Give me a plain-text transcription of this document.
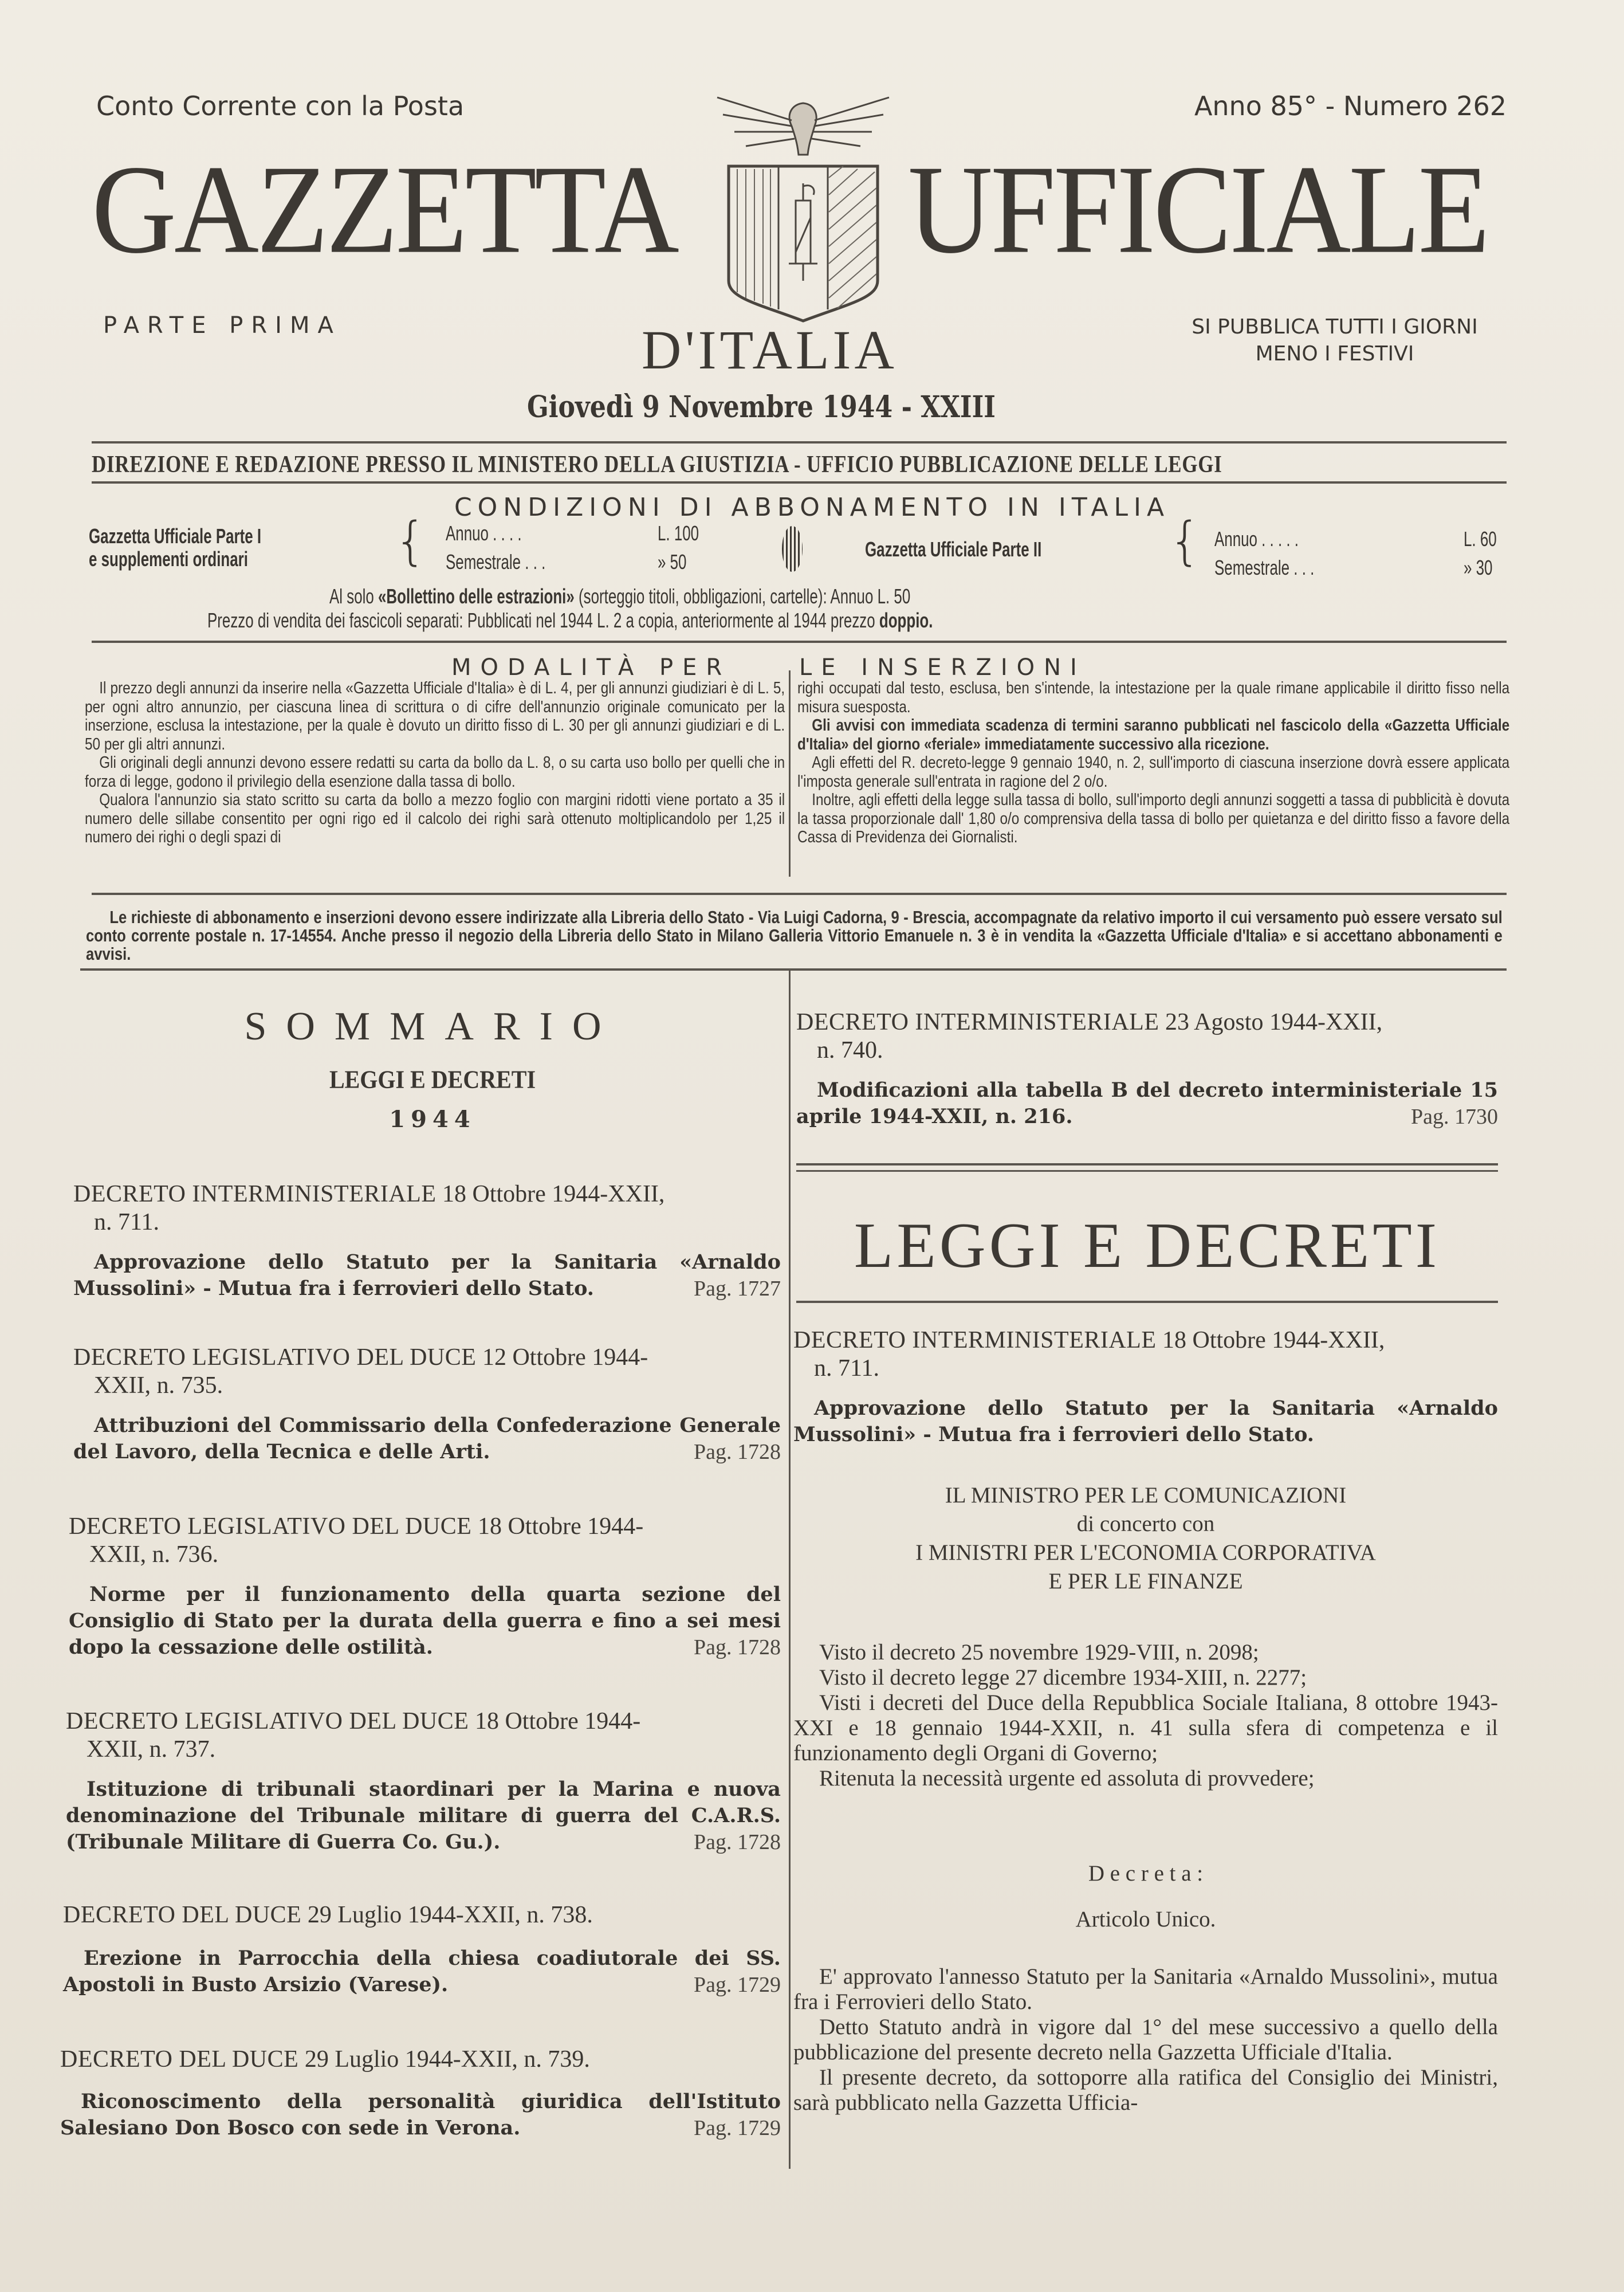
Conto Corrente con la Posta	Anno 85° - Numero 262
GAZZETTA UFFICIALE
PARTE PRIMA	D'ITALIA	SI PUBBLICA TUTTI I GIORNI
MENO I FESTIVI
Giovedì 9 Novembre 1944 - XXIII
DIREZIONE E REDAZIONE PRESSO IL MINISTERO DELLA GIUSTIZIA - UFFICIO PUBBLICAZIONE DELLE LEGGI
CONDIZIONI DI ABBONAMENTO IN ITALIA
Gazzetta Ufficiale Parte I
e supplementi ordinari	{ Annuo . . . .	L. 100
Semestrale . . .	» 50
Gazzetta Ufficiale Parte II { Annuo . . . . .	L. 60
Semestrale . . .	» 30
Al solo «Bollettino delle estrazioni» (sorteggio titoli, obbligazioni, cartelle): Annuo L. 50
Prezzo di vendita dei fascicoli separati: Pubblicati nel 1944 L. 2 a copia, anteriormente al 1944 prezzo doppio.
MODALITÀ PER	LE INSERZIONI

Il prezzo degli annunzi da inserire nella «Gazzetta Ufficiale d'Italia» è di L. 4, per gli annunzi giudiziari è di L. 5, per ogni altro annunzio, per ciascuna linea di scrittura o di cifre dell'annunzio originale comunicato per la inserzione, esclusa la intestazione, per la quale è dovuto un diritto fisso di L. 30 per gli annunzi giudiziari e di L. 50 per gli altri annunzi.

Gli originali degli annunzi devono essere redatti su carta da bollo da L. 8, o su carta uso bollo per quelli che in forza di legge, godono il privilegio della esenzione dalla tassa di bollo.

Qualora l'annunzio sia stato scritto su carta da bollo a mezzo foglio con margini ridotti viene portato a 35 il numero delle sillabe consentito per ogni rigo ed il calcolo dei righi sarà ottenuto moltiplicandolo per 1,25 il numero dei righi o degli spazi di

righi occupati dal testo, esclusa, ben s'intende, la intestazione per la quale rimane applicabile il diritto fisso nella misura suesposta.

Gli avvisi con immediata scadenza di termini saranno pubblicati nel fascicolo della «Gazzetta Ufficiale d'Italia» del giorno «feriale» immediatamente successivo alla ricezione.

Agli effetti del R. decreto-legge 9 gennaio 1940, n. 2, sull'importo di ciascuna inserzione dovrà essere applicata l'imposta generale sull'entrata in ragione del 2 o/o.

Inoltre, agli effetti della legge sulla tassa di bollo, sull'importo degli annunzi soggetti a tassa di pubblicità è dovuta la tassa proporzionale dall' 1,80 o/o comprensiva della tassa di bollo per quietanza e del diritto fisso a favore della Cassa di Previdenza dei Giornalisti.

Le richieste di abbonamento e inserzioni devono essere indirizzate alla Libreria dello Stato - Via Luigi Cadorna, 9 - Brescia, accompagnate da relativo importo il cui versamento può essere versato sul conto corrente postale n. 17-14554. Anche presso il negozio della Libreria dello Stato in Milano Galleria Vittorio Emanuele n. 3 è in vendita la «Gazzetta Ufficiale d'Italia» e si accettano abbonamenti e avvisi.

SOMMARIO
LEGGI E DECRETI
1944
DECRETO INTERMINISTERIALE 18 Ottobre 1944-XXII,
n. 711.
Approvazione dello Statuto per la Sanitaria «Arnaldo Mussolini» - Mutua fra i ferrovieri dello Stato.	Pag. 1727
DECRETO LEGISLATIVO DEL DUCE 12 Ottobre 1944-
XXII, n. 735.
Attribuzioni del Commissario della Confederazione Generale del Lavoro, della Tecnica e delle Arti.	Pag. 1728
DECRETO LEGISLATIVO DEL DUCE 18 Ottobre 1944-
XXII, n. 736.
Norme per il funzionamento della quarta sezione del Consiglio di Stato per la durata della guerra e fino a sei mesi dopo la cessazione delle ostilità.	Pag. 1728
DECRETO LEGISLATIVO DEL DUCE 18 Ottobre 1944-
XXII, n. 737.
Istituzione di tribunali staordinari per la Marina e nuova denominazione del Tribunale militare di guerra del C.A.R.S. (Tribunale Militare di Guerra Co. Gu.).	Pag. 1728
DECRETO DEL DUCE 29 Luglio 1944-XXII, n. 738.
Erezione in Parrocchia della chiesa coadiutorale dei SS. Apostoli in Busto Arsizio (Varese).	Pag. 1729
DECRETO DEL DUCE 29 Luglio 1944-XXII, n. 739.
Riconoscimento della personalità giuridica dell'Istituto Salesiano Don Bosco con sede in Verona.	Pag. 1729
DECRETO INTERMINISTERIALE 23 Agosto 1944-XXII,
n. 740.
Modificazioni alla tabella B del decreto interministeriale 15 aprile 1944-XXII, n. 216.	Pag. 1730
LEGGI E DECRETI
DECRETO INTERMINISTERIALE 18 Ottobre 1944-XXII,
n. 711.
Approvazione dello Statuto per la Sanitaria «Arnaldo Mussolini» - Mutua fra i ferrovieri dello Stato.
IL MINISTRO PER LE COMUNICAZIONI
di concerto con
I MINISTRI PER L'ECONOMIA CORPORATIVA
E PER LE FINANZE

Visto il decreto 25 novembre 1929-VIII, n. 2098;

Visto il decreto legge 27 dicembre 1934-XIII, n. 2277;

Visti i decreti del Duce della Repubblica Sociale Italiana, 8 ottobre 1943-XXI e 18 gennaio 1944-XXII, n. 41 sulla sfera di competenza e il funzionamento degli Organi di Governo;

Ritenuta la necessità urgente ed assoluta di provvedere;

D e c r e t a :
Articolo Unico.

E' approvato l'annesso Statuto per la Sanitaria «Arnaldo Mussolini», mutua fra i Ferrovieri dello Stato.

Detto Statuto andrà in vigore dal 1° del mese successivo a quello della pubblicazione del presente decreto nella Gazzetta Ufficiale d'Italia.

Il presente decreto, da sottoporre alla ratifica del Consiglio dei Ministri, sarà pubblicato nella Gazzetta Ufficia-
